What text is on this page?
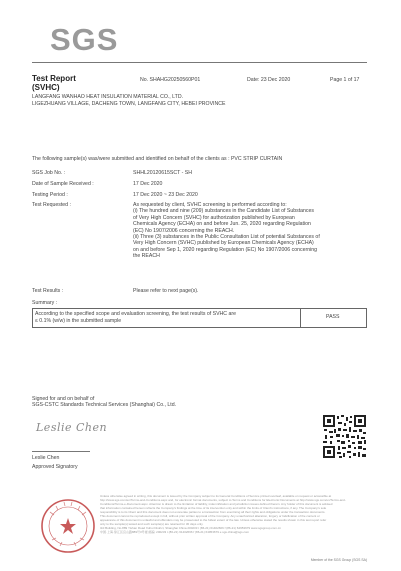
SGS
Test Report
(SVHC)
No. SHAHG20250560P01	Date: 23 Dec 2020	Page 1 of 17
LANGFANG WANHAO HEAT INSULATION MATERIAL CO., LTD.
LIGEZHUANG VILLAGE, DACHENG TOWN, LANGFANG CITY, HEBEI PROVINCE
The following sample(s) was/were submitted and identified on behalf of the clients as : PVC STRIP CURTAIN
SGS Job No. :	SHHL20120615SCT - SH
Date of Sample Received :	17 Dec 2020
Testing Period :	17 Dec 2020 ~ 23 Dec 2020
Test Requested :	As requested by client, SVHC screening is performed according to:
(i) The hundred and nine (209) substances in the Candidate List of Substances
of Very High Concern (SVHC) for authorization published by European
Chemicals Agency (ECHA) on and before Jun. 25, 2020 regarding Regulation
(EC) No 1907/2006 concerning the REACH.
(ii) Three (3) substances in the Public Consultation List of potential Substances of
Very High Concern (SVHC) published by European Chemicals Agency (ECHA)
on and before Sep 1, 2020 regarding Regulation (EC) No 1907/2006 concerning
the REACH
Test Results :	Please refer to next page(s).
Summary :
According to the specified scope and evaluation screening, the test results of SVHC are
≤ 0.1% (w/w) in the submitted sample
PASS
Signed for and on behalf of
SGS-CSTC Standards Technical Services (Shanghai) Co., Ltd.
Leslie Chen
Leslie Chen
Approved Signatory
Unless otherwise agreed in writing, this document is issued by the Company subject to its General Conditions of Service printed overleaf, available on request or accessible at
http://www.sgs.com/en/Terms-and-Conditions.aspx and, for electronic format documents, subject to Terms and Conditions for Electronic Documents at http://www.sgs.com/en/Terms-and-
Conditions/Terms-e-Document.aspx. Attention is drawn to the limitation of liability, indemnification and jurisdiction issues defined therein. Any holder of this document is advised
that information contained hereon reflects the Company's findings at the time of its intervention only and within the limits of Client's instructions, if any. The Company's sole
responsibility is to its Client and this document does not exonerate parties to a transaction from exercising all their rights and obligations under the transaction documents.
This document cannot be reproduced except in full, without prior written approval of the Company. Any unauthorized alteration, forgery or falsification of the content or
appearance of this document is unlawful and offenders may be prosecuted to the fullest extent of the law. Unless otherwise stated the results shown in this test report refer
only to the sample(s) tested and such sample(s) are retained for 30 days only.
3rd Building, No.889 Yishan Road Xuhui District, Shanghai China 200233 t (86-21) 61402666 f (86-21) 64953679 www.sgsgroup.com.cn
中国·上海·徐汇区宜山路889号3号楼 邮编: 200233 t (86-21) 61402666 f (86-21) 64953679 e sgs.china@sgs.com
Member of the SGS Group (SGS SA)
